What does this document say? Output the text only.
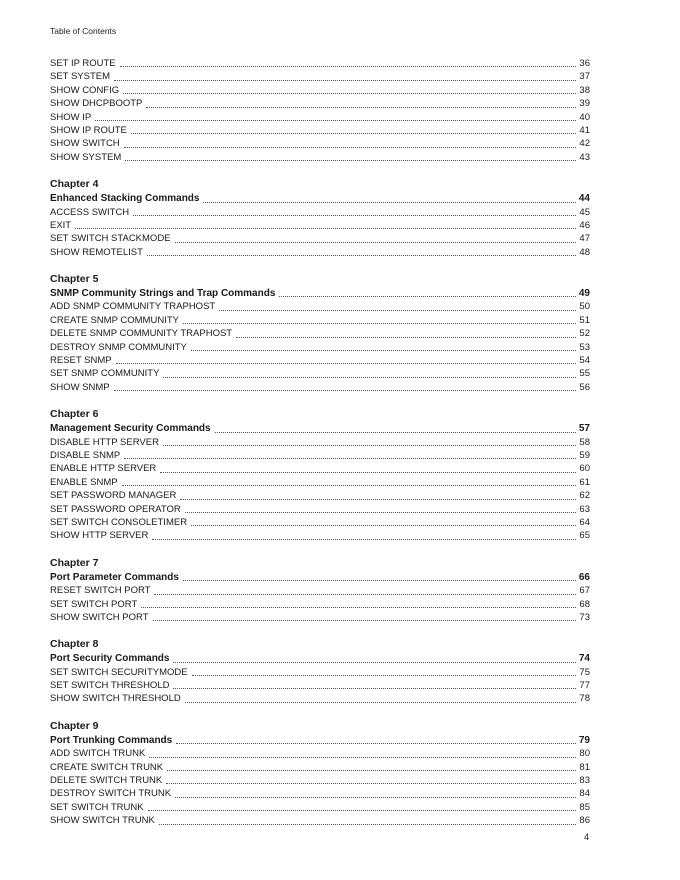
Table of Contents
SET IP ROUTE	36
SET SYSTEM	37
SHOW CONFIG	38
SHOW DHCPBOOTP	39
SHOW IP	40
SHOW IP ROUTE	41
SHOW SWITCH	42
SHOW SYSTEM	43
Chapter 4
Enhanced Stacking Commands	44
ACCESS SWITCH	45
EXIT	46
SET SWITCH STACKMODE	47
SHOW REMOTELIST	48
Chapter 5
SNMP Community Strings and Trap Commands	49
ADD SNMP COMMUNITY TRAPHOST	50
CREATE SNMP COMMUNITY	51
DELETE SNMP COMMUNITY TRAPHOST	52
DESTROY SNMP COMMUNITY	53
RESET SNMP	54
SET SNMP COMMUNITY	55
SHOW SNMP	56
Chapter 6
Management Security Commands	57
DISABLE HTTP SERVER	58
DISABLE SNMP	59
ENABLE HTTP SERVER	60
ENABLE SNMP	61
SET PASSWORD MANAGER	62
SET PASSWORD OPERATOR	63
SET SWITCH CONSOLETIMER	64
SHOW HTTP SERVER	65
Chapter 7
Port Parameter Commands	66
RESET SWITCH PORT	67
SET SWITCH PORT	68
SHOW SWITCH PORT	73
Chapter 8
Port Security Commands	74
SET SWITCH SECURITYMODE	75
SET SWITCH THRESHOLD	77
SHOW SWITCH THRESHOLD	78
Chapter 9
Port Trunking Commands	79
ADD SWITCH TRUNK	80
CREATE SWITCH TRUNK	81
DELETE SWITCH TRUNK	83
DESTROY SWITCH TRUNK	84
SET SWITCH TRUNK	85
SHOW SWITCH TRUNK	86
4
